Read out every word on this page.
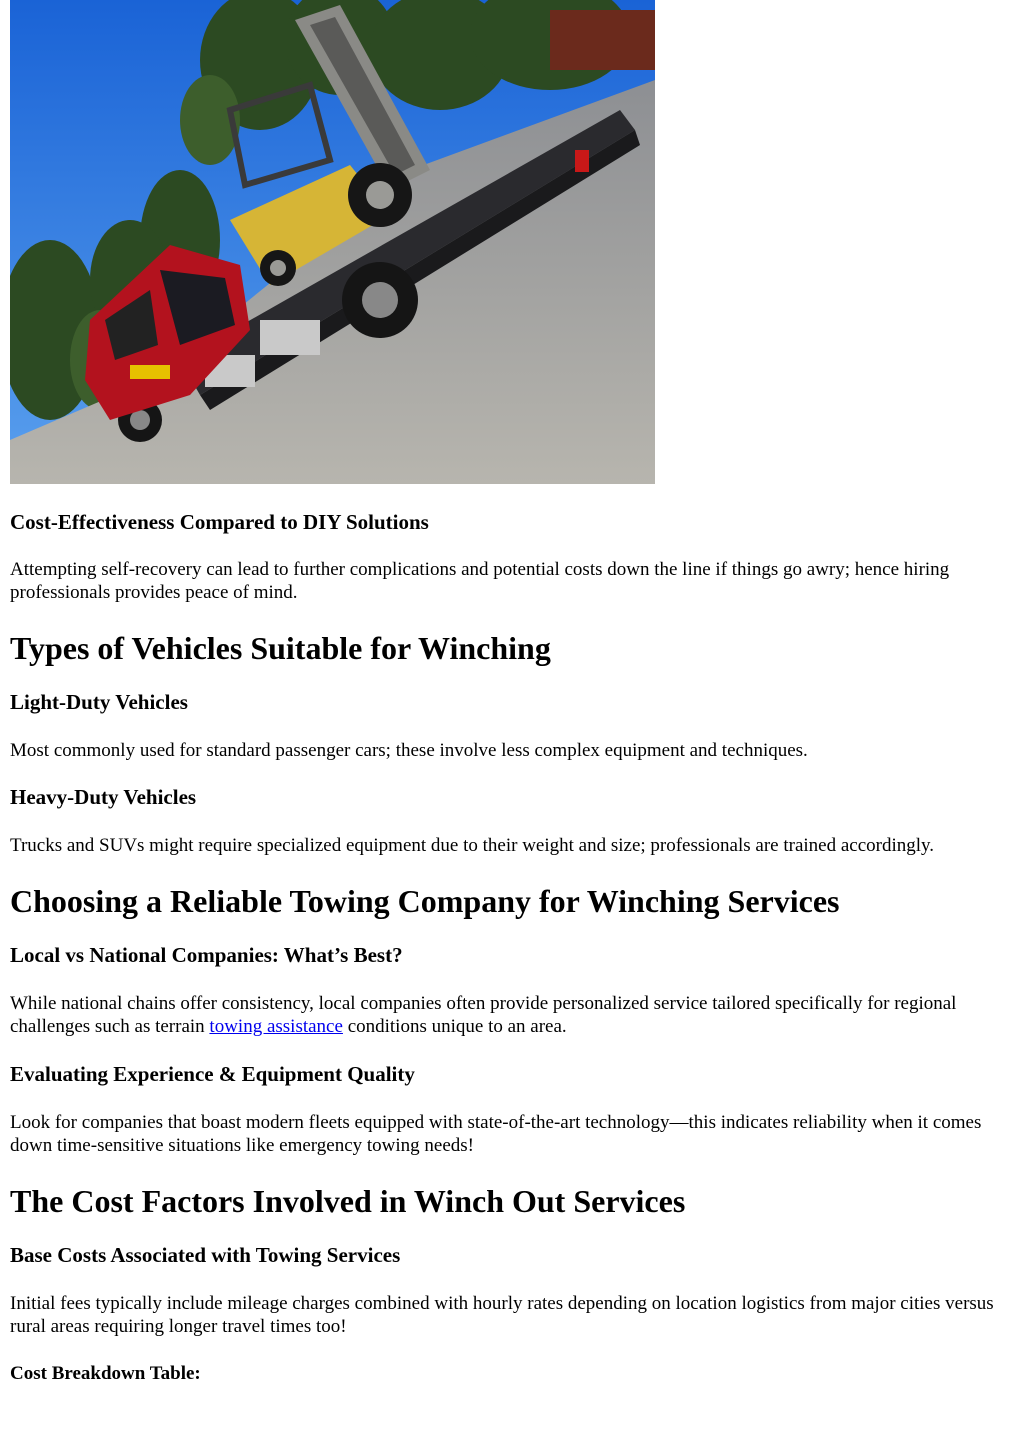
Cost-Effectiveness Compared to DIY Solutions

Attempting self-recovery can lead to further complications and potential costs down the line if things go awry; hence hiring professionals provides peace of mind.

Types of Vehicles Suitable for Winching
Light-Duty Vehicles

Most commonly used for standard passenger cars; these involve less complex equipment and techniques.

Heavy-Duty Vehicles

Trucks and SUVs might require specialized equipment due to their weight and size; professionals are trained accordingly.

Choosing a Reliable Towing Company for Winching Services
Local vs National Companies: What’s Best?

While national chains offer consistency, local companies often provide personalized service tailored specifically for regional challenges such as terrain towing assistance conditions unique to an area.

Evaluating Experience & Equipment Quality

Look for companies that boast modern fleets equipped with state-of-the-art technology—this indicates reliability when it comes down time-sensitive situations like emergency towing needs!

The Cost Factors Involved in Winch Out Services
Base Costs Associated with Towing Services

Initial fees typically include mileage charges combined with hourly rates depending on location logistics from major cities versus rural areas requiring longer travel times too!

Cost Breakdown Table:
